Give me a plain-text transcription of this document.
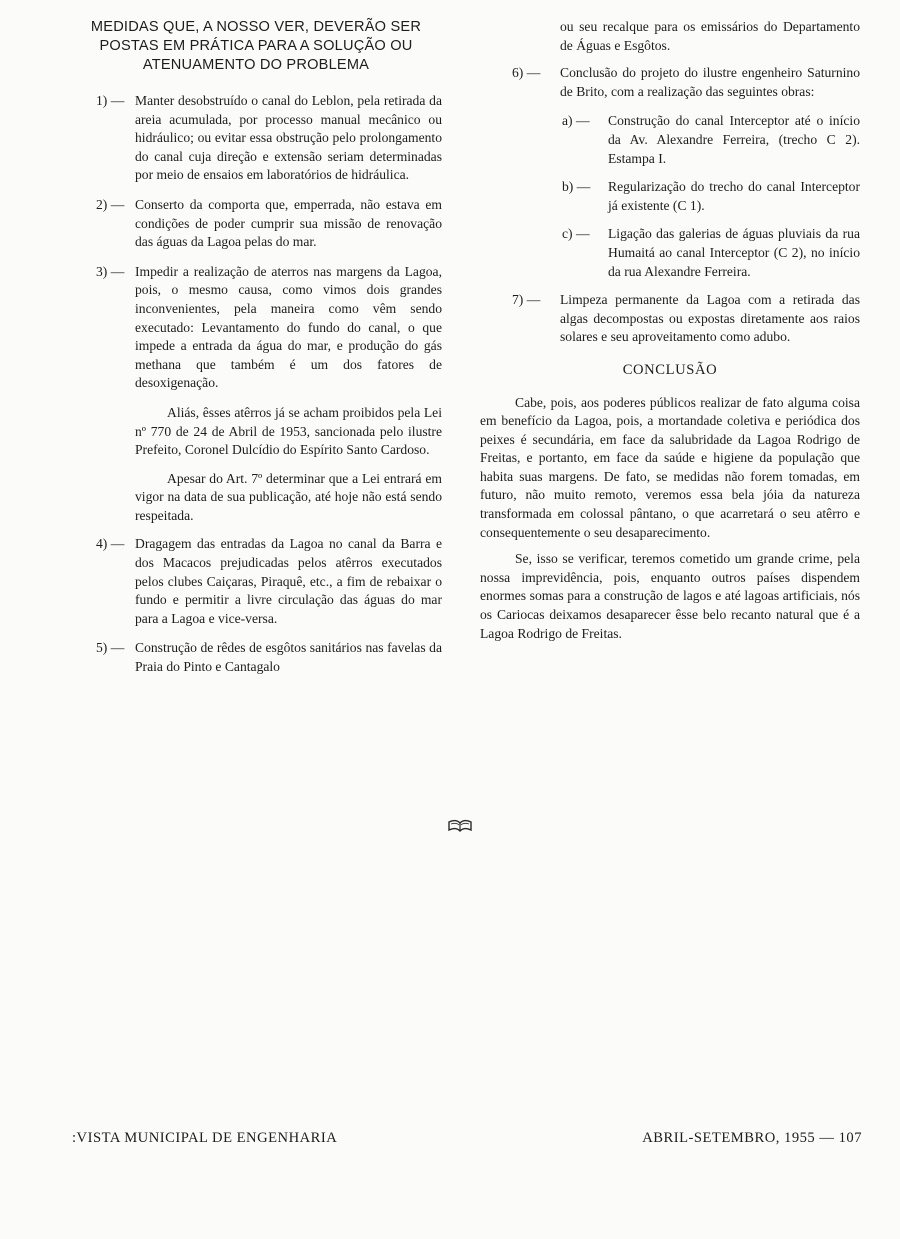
MEDIDAS QUE, A NOSSO VER, DEVERÃO SER
POSTAS EM PRÁTICA PARA A SOLUÇÃO OU
ATENUAMENTO DO PROBLEMA
1) — Manter desobstruído o canal do Leblon, pela retirada da areia acumulada, por processo manual mecânico ou hidráulico; ou evitar essa obstrução pelo prolongamento do canal cuja direção e extensão seriam determinadas por meio de ensaios em laboratórios de hidráulica.
2) — Conserto da comporta que, emperrada, não estava em condições de poder cumprir sua missão de renovação das águas da Lagoa pelas do mar.
3) — Impedir a realização de aterros nas margens da Lagoa, pois, o mesmo causa, como vimos dois grandes inconvenientes, pela maneira como vêm sendo executado: Levantamento do fundo do canal, o que impede a entrada da água do mar, e produção do gás methana que também é um dos fatores de desoxigenação.

Aliás, êsses atêrros já se acham proibidos pela Lei nº 770 de 24 de Abril de 1953, sancionada pelo ilustre Prefeito, Coronel Dulcídio do Espírito Santo Cardoso.

Apesar do Art. 7º determinar que a Lei entrará em vigor na data de sua publicação, até hoje não está sendo respeitada.

4) — Dragagem das entradas da Lagoa no canal da Barra e dos Macacos prejudicadas pelos atêrros executados pelos clubes Caiçaras, Piraquê, etc., a fim de rebaixar o fundo e permitir a livre circulação das águas do mar para a Lagoa e vice-versa.
5) — Construção de rêdes de esgôtos sanitários nas favelas da Praia do Pinto e Cantagalo
ou seu recalque para os emissários do Departamento de Águas e Esgôtos.
6) — Conclusão do projeto do ilustre engenheiro Saturnino de Brito, com a realização das seguintes obras:
a) — Construção do canal Interceptor até o início da Av. Alexandre Ferreira, (trecho C 2). Estampa I.
b) — Regularização do trecho do canal Interceptor já existente (C 1).
c) — Ligação das galerias de águas pluviais da rua Humaitá ao canal Interceptor (C 2), no início da rua Alexandre Ferreira.
7) — Limpeza permanente da Lagoa com a retirada das algas decompostas ou expostas diretamente aos raios solares e seu aproveitamento como adubo.
CONCLUSÃO

Cabe, pois, aos poderes públicos realizar de fato alguma coisa em benefício da Lagoa, pois, a mortandade coletiva e periódica dos peixes é secundária, em face da salubridade da Lagoa Rodrigo de Freitas, e portanto, em face da saúde e higiene da população que habita suas margens. De fato, se medidas não forem tomadas, em futuro, não muito remoto, veremos essa bela jóia da natureza transformada em colossal pântano, o que acarretará o seu atêrro e consequentemente o seu desaparecimento.

Se, isso se verificar, teremos cometido um grande crime, pela nossa imprevidência, pois, enquanto outros países dispendem enormes somas para a construção de lagos e até lagoas artificiais, nós os Cariocas deixamos desaparecer êsse belo recanto natural que é a Lagoa Rodrigo de Freitas.

:VISTA MUNICIPAL DE ENGENHARIA	ABRIL-SETEMBRO, 1955 — 107
